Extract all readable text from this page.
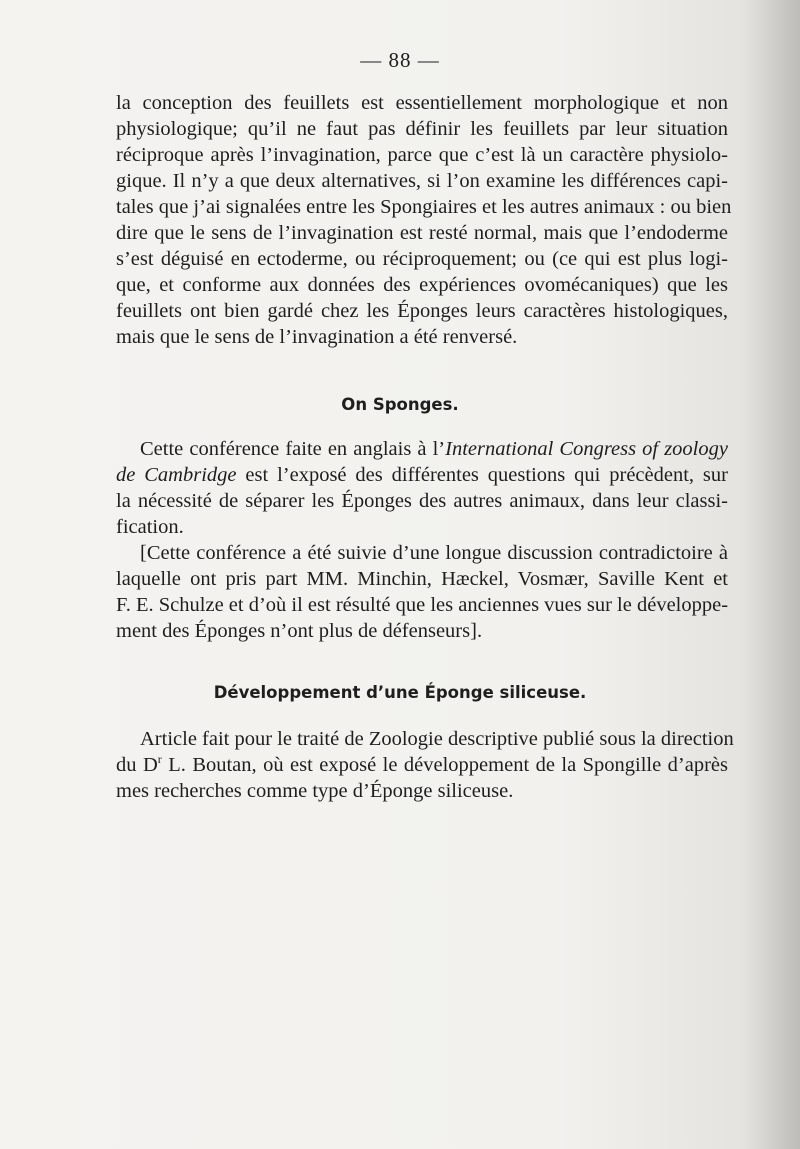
— 88 —
la conception des feuillets est essentiellement morphologique et non
physiologique; qu’il ne faut pas définir les feuillets par leur situation
réciproque après l’invagination, parce que c’est là un caractère physiolo-
gique. Il n’y a que deux alternatives, si l’on examine les différences capi-
tales que j’ai signalées entre les Spongiaires et les autres animaux : ou bien
dire que le sens de l’invagination est resté normal, mais que l’endoderme
s’est déguisé en ectoderme, ou réciproquement; ou (ce qui est plus logi-
que, et conforme aux données des expériences ovomécaniques) que les
feuillets ont bien gardé chez les Éponges leurs caractères histologiques,
mais que le sens de l’invagination a été renversé.
On Sponges.
Cette conférence faite en anglais à l’International Congress of zoology
de Cambridge est l’exposé des différentes questions qui précèdent, sur
la nécessité de séparer les Éponges des autres animaux, dans leur classi-
fication.
[Cette conférence a été suivie d’une longue discussion contradictoire à
laquelle ont pris part MM. Minchin, Hæckel, Vosmær, Saville Kent et
F. E. Schulze et d’où il est résulté que les anciennes vues sur le développe-
ment des Éponges n’ont plus de défenseurs].
Développement d’une Éponge siliceuse.
Article fait pour le traité de Zoologie descriptive publié sous la direction
du $D^r$ L. Boutan, où est exposé le développement de la Spongille d’après
mes recherches comme type d’Éponge siliceuse.
